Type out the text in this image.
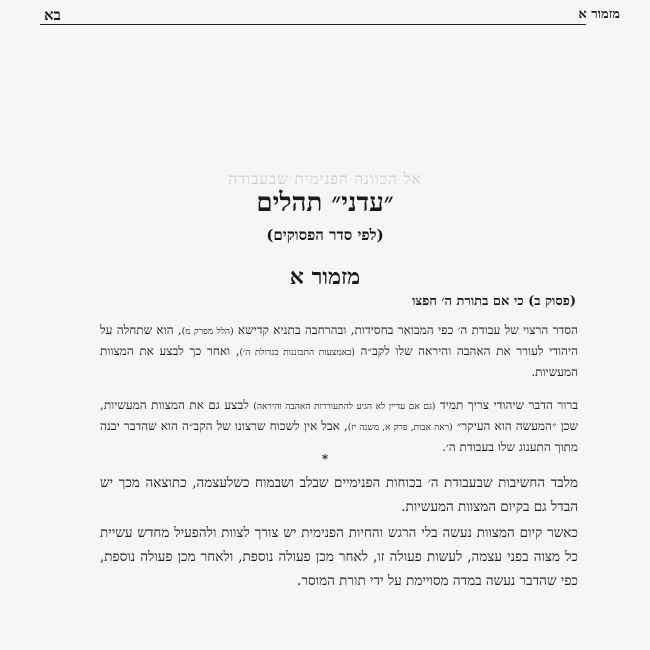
בא	מזמור א
אל הכוונה הפנימית שבעבודה
״עדני״ תהלים
(לפי סדר הפסוקים)
מזמור א
(פסוק ב) כי אם בתורת ה׳ חפצו
הסדר הרצוי של עבודת ה׳ כפי המבואר בחסידות, ובהרחבה בתניא קדישא (הלל מפרק מ), הוא שתחלה על היהודי לעורר את האהבה והיראה שלו לקב״ה (באמצעות התבוננות בגדולת ה׳), ואחר כך לבצע את המצוות המעשיות.
ברור הדבר שיהודי צריך תמיד (גם אם עדיין לא הגיע להתעוררות האהבה והיראה) לבצע גם את המצוות המעשיות, שכן ״המעשה הוא העיקר״ (ראה אבות, פרק א, משנה יז), אבל אין לשכוח שרצונו של הקב״ה הוא שהדבר יבנה מתוך התענוג שלו בעבודת ה׳.
*
מלבד החשיבות שבעבודת ה׳ בכוחות הפנימיים שבלב ושבמוח כשלעצמה, כתוצאה מכך יש הבדל גם בקיום המצוות המעשיות.
כאשר קיום המצוות נעשה בלי הרגש והחיות הפנימית יש צורך לצוות ולהפעיל מחדש עשיית כל מצוה בפני עצמה, לעשות פעולה זו, לאחר מכן פעולה נוספת, ולאחר מכן פעולה נוספת, כפי שהדבר נעשה במדה מסויימת על ידי תורת המוסר.
